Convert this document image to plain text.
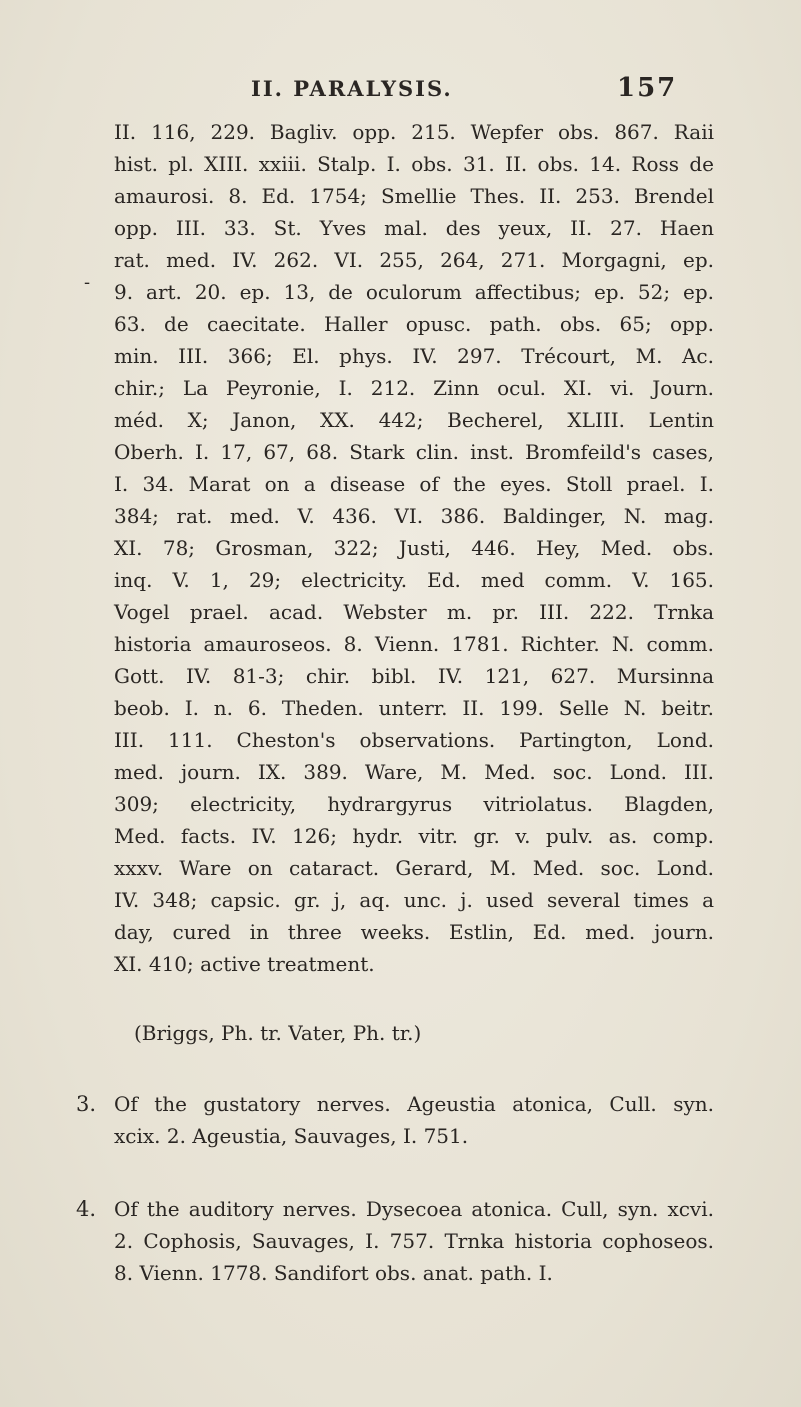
II. PARALYSIS.	157
-
II. 116, 229. Bagliv. opp. 215. Wepfer obs. 867. Raii
hist. pl. XIII. xxiii. Stalp. I. obs. 31. II. obs. 14. Ross de
amaurosi. 8. Ed. 1754; Smellie Thes. II. 253. Brendel
opp. III. 33. St. Yves mal. des yeux, II. 27. Haen
rat. med. IV. 262. VI. 255, 264, 271. Morgagni, ep.
9. art. 20. ep. 13, de oculorum affectibus; ep. 52; ep.
63. de caecitate. Haller opusc. path. obs. 65; opp.
min. III. 366; El. phys. IV. 297. Trécourt, M. Ac.
chir.; La Peyronie, I. 212. Zinn ocul. XI. vi. Journ.
méd. X; Janon, XX. 442; Becherel, XLIII. Lentin
Oberh. I. 17, 67, 68. Stark clin. inst. Bromfeild's cases,
I. 34. Marat on a disease of the eyes. Stoll prael. I.
384; rat. med. V. 436. VI. 386. Baldinger, N. mag.
XI. 78; Grosman, 322; Justi, 446. Hey, Med. obs.
inq. V. 1, 29; electricity. Ed. med comm. V. 165.
Vogel prael. acad. Webster m. pr. III. 222. Trnka
historia amauroseos. 8. Vienn. 1781. Richter. N. comm.
Gott. IV. 81-3; chir. bibl. IV. 121, 627. Mursinna
beob. I. n. 6. Theden. unterr. II. 199. Selle N. beitr.
III. 111. Cheston's observations. Partington, Lond.
med. journ. IX. 389. Ware, M. Med. soc. Lond. III.
309; electricity, hydrargyrus vitriolatus. Blagden,
Med. facts. IV. 126; hydr. vitr. gr. v. pulv. as. comp.
xxxv. Ware on cataract. Gerard, M. Med. soc. Lond.
IV. 348; capsic. gr. j, aq. unc. j. used several times a
day, cured in three weeks. Estlin, Ed. med. journ.
XI. 410; active treatment.
(Briggs, Ph. tr. Vater, Ph. tr.)
3. Of the gustatory nerves. Ageustia atonica, Cull. syn.
xcix. 2. Ageustia, Sauvages, I. 751.
4. Of the auditory nerves. Dysecoea atonica. Cull, syn. xcvi.
2. Cophosis, Sauvages, I. 757. Trnka historia cophoseos.
8. Vienn. 1778. Sandifort obs. anat. path. I.
